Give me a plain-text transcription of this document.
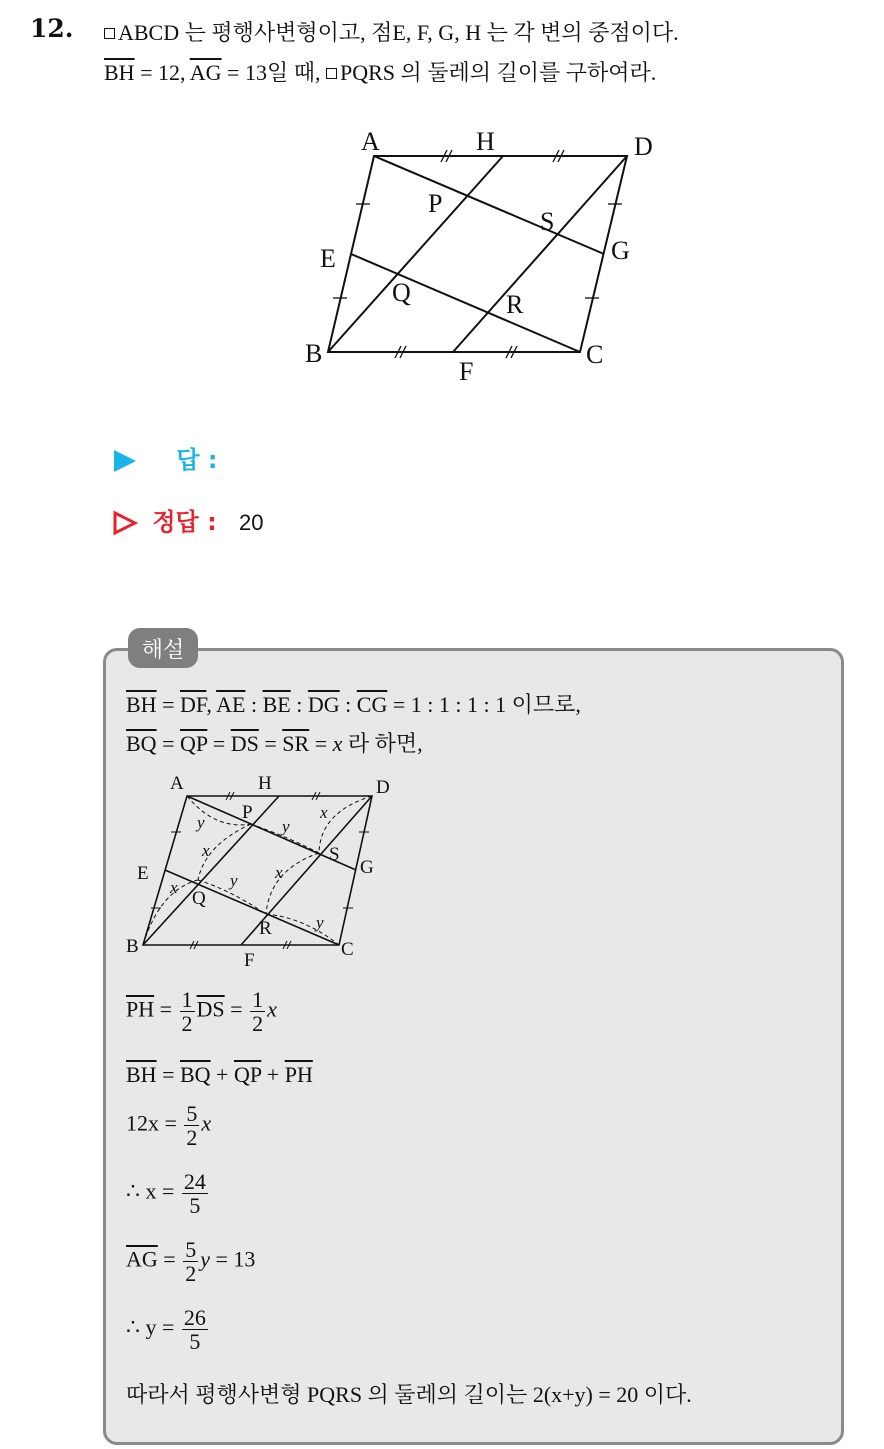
12.	ABCD 는 평행사변형이고, 점E, F, G, H 는 각 변의 중점이다.
$\overline{BH} = 12$, $\overline{AG} = 13$일 때, PQRS 의 둘레의 길이를 구하여라.
A	H	D
P
S
G
E
Q	R
B	C
F
답 :
정답 : 20
해설
$\overline{BH} = \overline{DF}$, $\overline{AE}$ : $\overline{BE}$ : $\overline{DG}$ : $\overline{CG} = 1$ : 1 : 1 : 1 이므로,
$\overline{BQ} = \overline{QP} = \overline{DS} = \overline{SR} = x$ 라 하면,
A	H	D
P
S
G
E
Q
R
B	C
F
y	y
x
x
x
x	y
y
$\overline{PH} = \frac{1}{2} \overline{DS} = \frac{1}{2}$ x
$\overline{BH} = \overline{BQ} + \overline{QP} + \overline{PH}$
$12x = \frac{5}{2}$ x
∴ $x = \frac{24}{5}$
$\overline{AG} = \frac{5}{2}$ y = 13
∴ $y = \frac{26}{5}$
따라서 평행사변형 PQRS 의 둘레의 길이는 2(x+y) = 20 이다.
